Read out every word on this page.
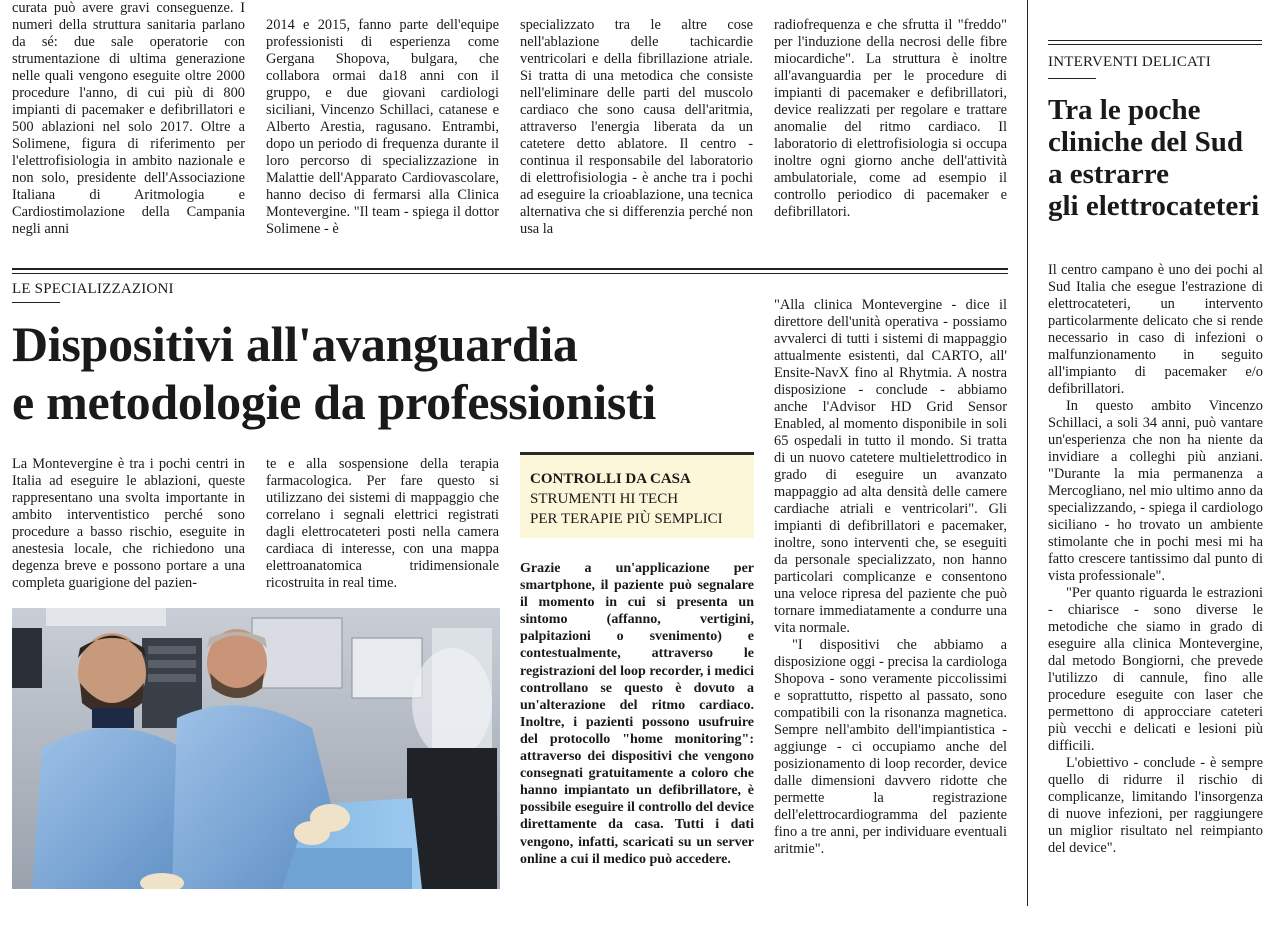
curata può avere gravi conseguenze. I numeri della struttura sanitaria parlano da sé: due sale operatorie con strumentazione di ultima generazione nelle quali vengono eseguite oltre 2000 procedure l'anno, di cui più di 800 impianti di pacemaker e defibrillatori e 500 ablazioni nel solo 2017. Oltre a Solimene, figura di riferimento per l'elettrofisiologia in ambito nazionale e non solo, presidente dell'Associazione Italiana di Aritmologia e Cardiostimolazione della Campania negli anni

2014 e 2015, fanno parte dell'equipe professionisti di esperienza come Gergana Shopova, bulgara, che collabora ormai da18 anni con il gruppo, e due giovani cardiologi siciliani, Vincenzo Schillaci, catanese e Alberto Arestia, ragusano. Entrambi, dopo un periodo di frequenza durante il loro percorso di specializzazione in Malattie dell'Apparato Cardiovascolare, hanno deciso di fermarsi alla Clinica Montevergine. "Il team - spiega il dottor Solimene - è

specializzato tra le altre cose nell'ablazione delle tachicardie ventricolari e della fibrillazione atriale. Si tratta di una metodica che consiste nell'eliminare delle parti del muscolo cardiaco che sono causa dell'aritmia, attraverso l'energia liberata da un catetere detto ablatore. Il centro - continua il responsabile del laboratorio di elettrofisiologia - è anche tra i pochi ad eseguire la crioablazione, una tecnica alternativa che si differenzia perché non usa la

radiofrequenza e che sfrutta il "freddo" per l'induzione della necrosi delle fibre miocardiche". La struttura è inoltre all'avanguardia per le procedure di impianti di pacemaker e defibrillatori, device realizzati per regolare e trattare anomalie del ritmo cardiaco. Il laboratorio di elettrofisiologia si occupa inoltre ogni giorno anche dell'attività ambulatoriale, come ad esempio il controllo periodico di pacemaker e defibrillatori.

LE SPECIALIZZAZIONI
Dispositivi all'avanguardia
e metodologie da professionisti

La Montevergine è tra i pochi centri in Italia ad eseguire le ablazioni, queste rappresentano una svolta importante in ambito interventistico perché sono procedure a basso rischio, eseguite in anestesia locale, che richiedono una degenza breve e possono portare a una completa guarigione del pazien-

te e alla sospensione della terapia farmacologica. Per fare questo si utilizzano dei sistemi di mappaggio che correlano i segnali elettrici registrati dagli elettrocateteri posti nella camera cardiaca di interesse, con una mappa elettroanatomica tridimensionale ricostruita in real time.

CONTROLLI DA CASA
STRUMENTI HI TECH
PER TERAPIE PIÙ SEMPLICI

Grazie a un'applicazione per smartphone, il paziente può segnalare il momento in cui si presenta un sintomo (affanno, vertigini, palpitazioni o svenimento) e contestualmente, attraverso le registrazioni del loop recorder, i medici controllano se questo è dovuto a un'alterazione del ritmo cardiaco. Inoltre, i pazienti possono usufruire del protocollo "home monitoring": attraverso dei dispositivi che vengono consegnati gratuitamente a coloro che hanno impiantato un defibrillatore, è possibile eseguire il controllo del device direttamente da casa. Tutti i dati vengono, infatti, scaricati su un server online a cui il medico può accedere.

"Alla clinica Montevergine - dice il direttore dell'unità operativa - possiamo avvalerci di tutti i sistemi di mappaggio attualmente esistenti, dal CARTO, all' Ensite-NavX fino al Rhytmia. A nostra disposizione - conclude - abbiamo anche l'Advisor HD Grid Sensor Enabled, al momento disponibile in soli 65 ospedali in tutto il mondo. Si tratta di un nuovo catetere multielettrodico in grado di eseguire un avanzato mappaggio ad alta densità delle camere cardiache atriali e ventricolari". Gli impianti di defibrillatori e pacemaker, inoltre, sono interventi che, se eseguiti da personale specializzato, non hanno particolari complicanze e consentono una veloce ripresa del paziente che può tornare immediatamente a condurre una vita normale.

"I dispositivi che abbiamo a disposizione oggi - precisa la cardiologa Shopova - sono veramente piccolissimi e soprattutto, rispetto al passato, sono compatibili con la risonanza magnetica. Sempre nell'ambito dell'impiantistica - aggiunge - ci occupiamo anche del posizionamento di loop recorder, device dalle dimensioni davvero ridotte che permette la registrazione dell'elettrocardiogramma del paziente fino a tre anni, per individuare eventuali aritmie".

INTERVENTI DELICATI
Tra le poche
cliniche del Sud
a estrarre
gli elettrocateteri

Il centro campano è uno dei pochi al Sud Italia che esegue l'estrazione di elettrocateteri, un intervento particolarmente delicato che si rende necessario in caso di infezioni o malfunzionamento in seguito all'impianto di pacemaker e/o defibrillatori.

In questo ambito Vincenzo Schillaci, a soli 34 anni, può vantare un'esperienza che non ha niente da invidiare a colleghi più anziani. "Durante la mia permanenza a Mercogliano, nel mio ultimo anno da specializzando, - spiega il cardiologo siciliano - ho trovato un ambiente stimolante che in pochi mesi mi ha fatto crescere tantissimo dal punto di vista professionale".

"Per quanto riguarda le estrazioni - chiarisce - sono diverse le metodiche che siamo in grado di eseguire alla clinica Montevergine, dal metodo Bongiorni, che prevede l'utilizzo di cannule, fino alle procedure eseguite con laser che permettono di approcciare cateteri più vecchi e delicati e lesioni più difficili.

L'obiettivo - conclude - è sempre quello di ridurre il rischio di complicanze, limitando l'insorgenza di nuove infezioni, per raggiungere un miglior risultato nel reimpianto del device".
